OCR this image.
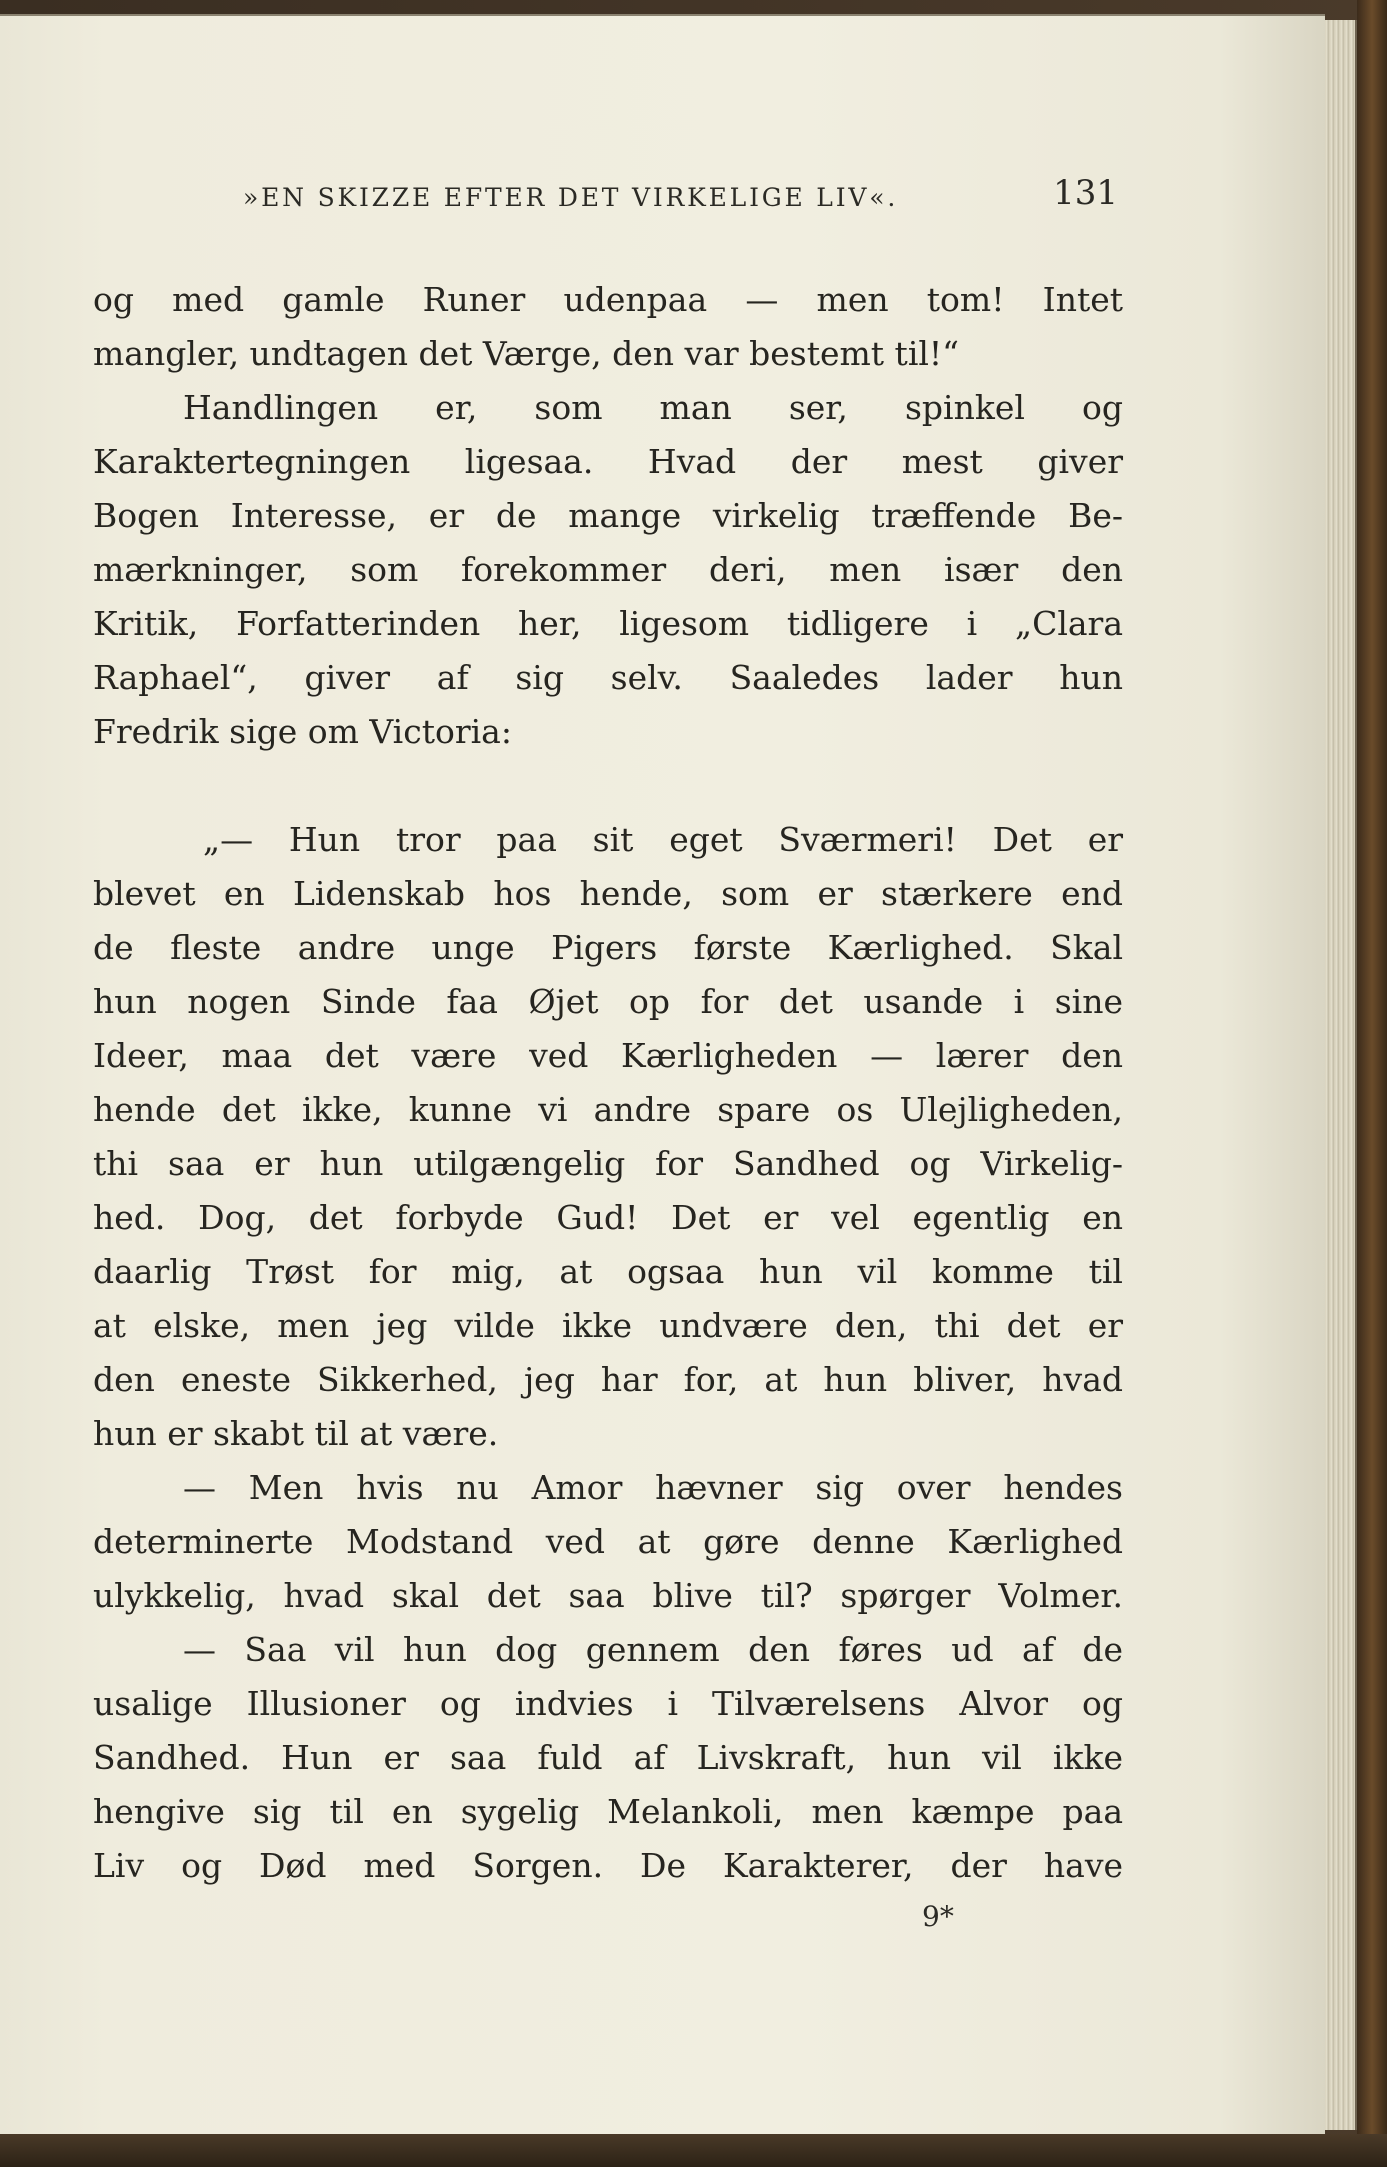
»EN SKIZZE EFTER DET VIRKELIGE LIV«.	131
og med gamle Runer udenpaa — men tom! Intet
mangler, undtagen det Værge, den var bestemt til!“
Handlingen er, som man ser, spinkel og
Karaktertegningen ligesaa. Hvad der mest giver
Bogen Interesse, er de mange virkelig træffende Be-
mærkninger, som forekommer deri, men især den
Kritik, Forfatterinden her, ligesom tidligere i „Clara
Raphael“, giver af sig selv. Saaledes lader hun
Fredrik sige om Victoria:
„— Hun tror paa sit eget Sværmeri! Det er
blevet en Lidenskab hos hende, som er stærkere end
de fleste andre unge Pigers første Kærlighed. Skal
hun nogen Sinde faa Øjet op for det usande i sine
Ideer, maa det være ved Kærligheden — lærer den
hende det ikke, kunne vi andre spare os Ulejligheden,
thi saa er hun utilgængelig for Sandhed og Virkelig-
hed. Dog, det forbyde Gud! Det er vel egentlig en
daarlig Trøst for mig, at ogsaa hun vil komme til
at elske, men jeg vilde ikke undvære den, thi det er
den eneste Sikkerhed, jeg har for, at hun bliver, hvad
hun er skabt til at være.
— Men hvis nu Amor hævner sig over hendes
determinerte Modstand ved at gøre denne Kærlighed
ulykkelig, hvad skal det saa blive til? spørger Volmer.
— Saa vil hun dog gennem den føres ud af de
usalige Illusioner og indvies i Tilværelsens Alvor og
Sandhed. Hun er saa fuld af Livskraft, hun vil ikke
hengive sig til en sygelig Melankoli, men kæmpe paa
Liv og Død med Sorgen. De Karakterer, der have
9*
